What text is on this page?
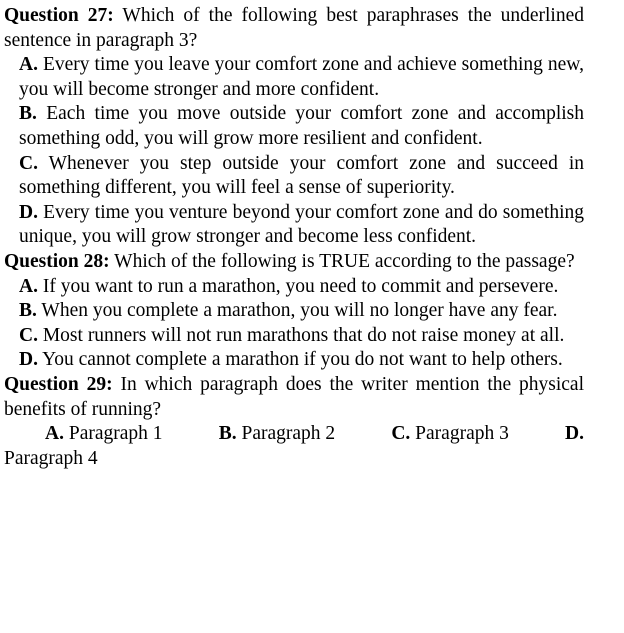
Question 27: Which of the following best paraphrases the underlined sentence in paragraph 3?
A. Every time you leave your comfort zone and achieve something new, you will become stronger and more confident.
B. Each time you move outside your comfort zone and accomplish something odd, you will grow more resilient and confident.
C. Whenever you step outside your comfort zone and succeed in something different, you will feel a sense of superiority.
D. Every time you venture beyond your comfort zone and do something unique, you will grow stronger and become less confident.
Question 28: Which of the following is TRUE according to the passage?
A. If you want to run a marathon, you need to commit and persevere.
B. When you complete a marathon, you will no longer have any fear.
C. Most runners will not run marathons that do not raise money at all.
D. You cannot complete a marathon if you do not want to help others.
Question 29: In which paragraph does the writer mention the physical benefits of running?
A. Paragraph 1	B. Paragraph 2	C. Paragraph 3	D.
Paragraph 4
